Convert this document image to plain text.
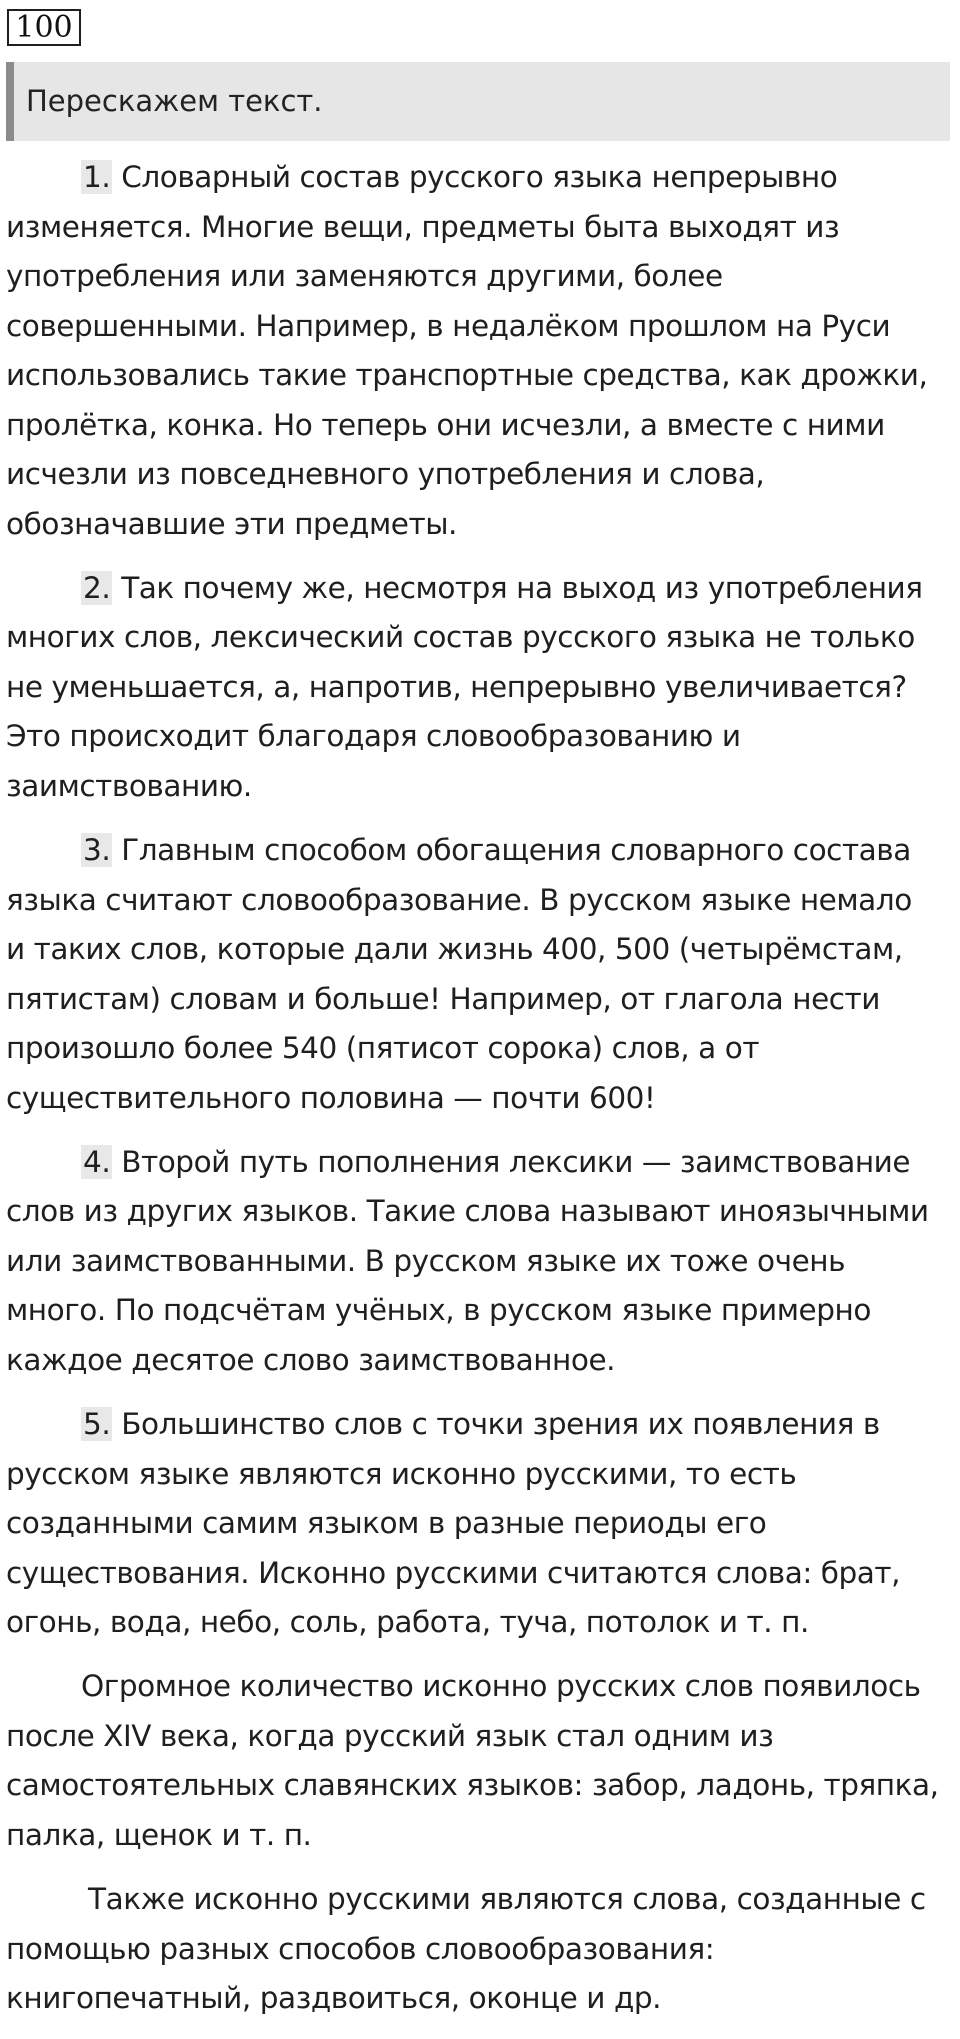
100
Перескажем текст.

1. Словарный состав русского языка непрерывно
изменяется. Многие вещи, предметы быта выходят из
употребления или заменяются другими, более
совершенными. Например, в недалёком прошлом на Руси
использовались такие транспортные средства, как дрожки,
пролётка, конка. Но теперь они исчезли, а вместе с ними
исчезли из повседневного употребления и слова,
обозначавшие эти предметы.

2. Так почему же, несмотря на выход из употребления
многих слов, лексический состав русского языка не только
не уменьшается, а, напротив, непрерывно увеличивается?
Это происходит благодаря словообразованию и
заимствованию.

3. Главным способом обогащения словарного состава
языка считают словообразование. В русском языке немало
и таких слов, которые дали жизнь 400, 500 (четырёмстам,
пятистам) словам и больше! Например, от глагола нести
произошло более 540 (пятисот сорока) слов, а от
существительного половина — почти 600!

4. Второй путь пополнения лексики — заимствование
слов из других языков. Такие слова называют иноязычными
или заимствованными. В русском языке их тоже очень
много. По подсчётам учёных, в русском языке примерно
каждое десятое слово заимствованное.

5. Большинство слов с точки зрения их появления в
русском языке являются исконно русскими, то есть
созданными самим языком в разные периоды его
существования. Исконно русскими считаются слова: брат,
огонь, вода, небо, соль, работа, туча, потолок и т. п.

Огромное количество исконно русских слов появилось
после XIV века, когда русский язык стал одним из
самостоятельных славянских языков: забор, ладонь, тряпка,
палка, щенок и т. п.

Также исконно русскими являются слова, созданные с
помощью разных способов словообразования:
книгопечатный, раздвоиться, оконце и др.
